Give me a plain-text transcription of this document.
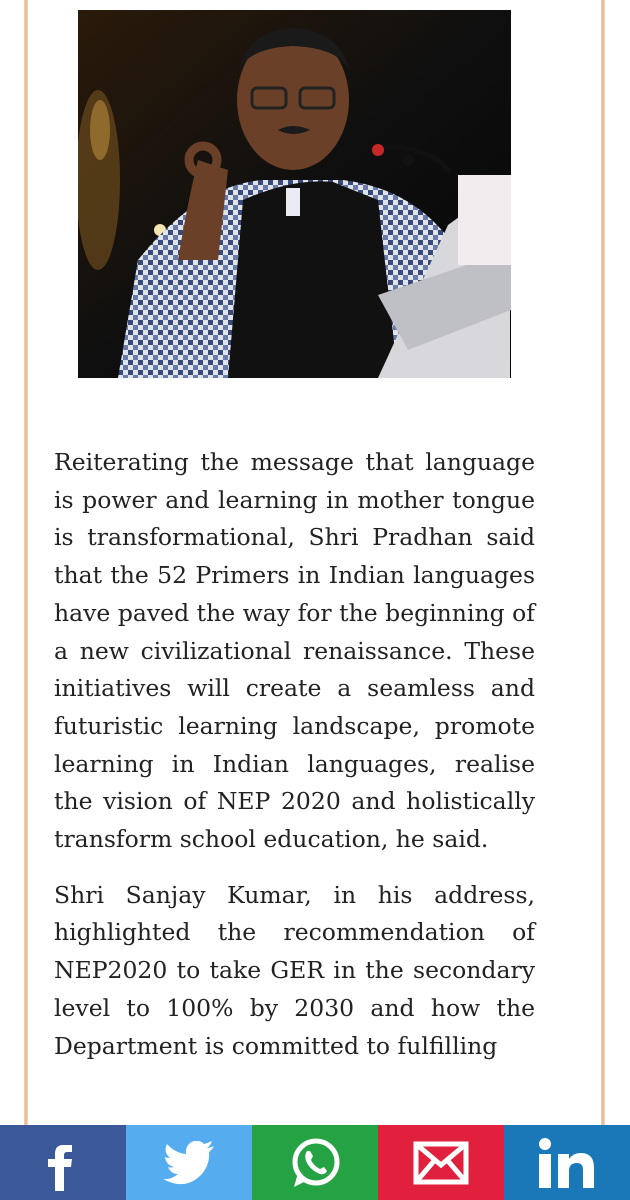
Reiterating the message that language is power and learning in mother tongue is transformational, Shri Pradhan said that the 52 Primers in Indian languages have paved the way for the beginning of a new civilizational renaissance. These initiatives will create a seamless and futuristic learning landscape, promote learning in Indian languages, realise the vision of NEP 2020 and holistically transform school education, he said.

Shri Sanjay Kumar, in his address, highlighted the recommendation of NEP2020 to take GER in the secondary level to 100% by 2030 and how the Department is committed to fulfilling
